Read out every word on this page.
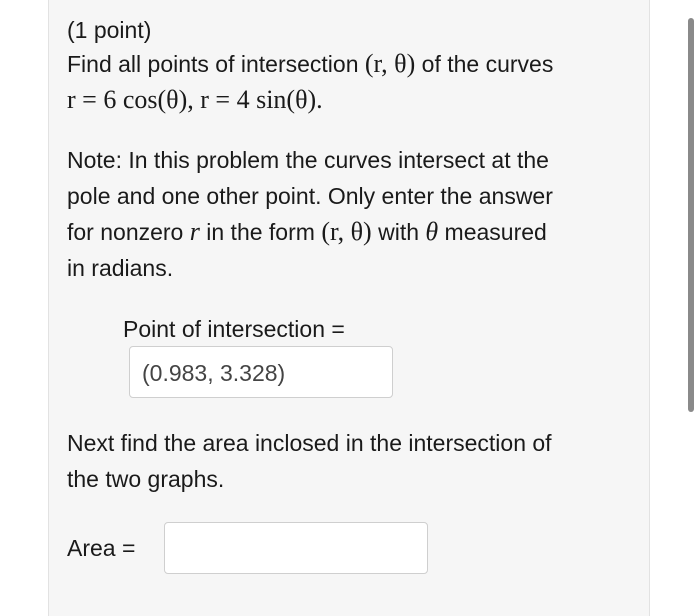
(1 point)
Find all points of intersection (r, θ) of the curves
r = 6 cos(θ), r = 4 sin(θ).
Note: In this problem the curves intersect at the
pole and one other point. Only enter the answer
for nonzero r in the form (r, θ) with θ measured
in radians.
Point of intersection =
(0.983, 3.328)
Next find the area inclosed in the intersection of
the two graphs.
Area =
